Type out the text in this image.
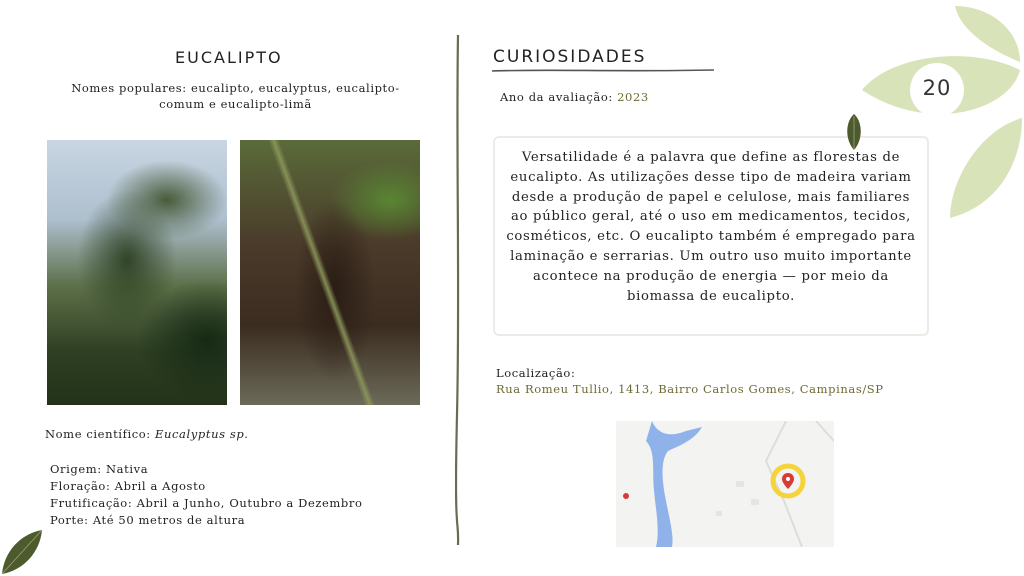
EUCALIPTO
Nomes populares: eucalipto, eucalyptus, eucalipto-comum e eucalipto-limã
Nome científico: Eucalyptus sp.
Origem: Nativa
Floração: Abril a Agosto
Frutificação: Abril a Junho, Outubro a Dezembro
Porte: Até 50 metros de altura
CURIOSIDADES
Ano da avaliação: 2023
Versatilidade é a palavra que define as florestas de eucalipto. As utilizações desse tipo de madeira variam desde a produção de papel e celulose, mais familiares ao público geral, até o uso em medicamentos, tecidos, cosméticos, etc. O eucalipto também é empregado para laminação e serrarias. Um outro uso muito importante acontece na produção de energia — por meio da biomassa de eucalipto.
Localização:
Rua Romeu Tullio, 1413, Bairro Carlos Gomes, Campinas/SP
20
